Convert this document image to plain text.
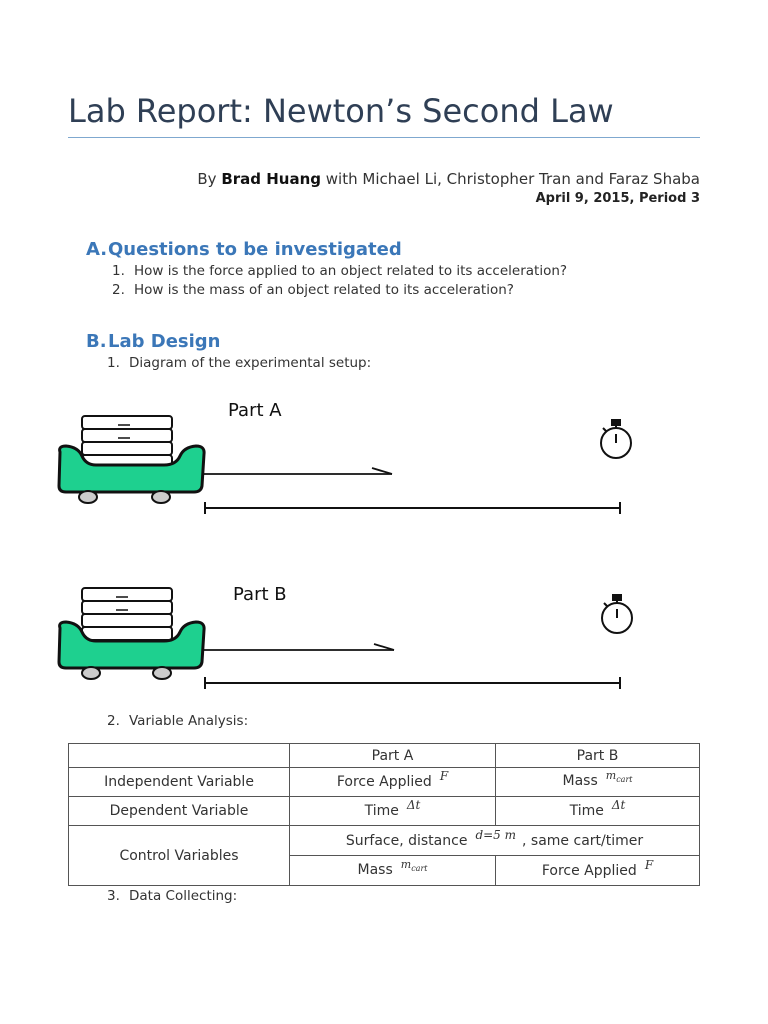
Lab Report: Newton’s Second Law
By Brad Huang with Michael Li, Christopher Tran and Faraz Shaba
April 9, 2015, Period 3
A.Questions to be investigated
1. How is the force applied to an object related to its acceleration?
2. How is the mass of an object related to its acceleration?
B.Lab Design
1. Diagram of the experimental setup:
Part A
Part B
2. Variable Analysis:
	Part A	Part B
Independent Variable	Force Applied F	Mass $^{m_{cart}}$
Dependent Variable	Time Δt	Time Δt
Control Variables	Surface, distance d=5 m , same cart/timer	
	Mass $^{m_{cart}}$	Force Applied F
3. Data Collecting:
